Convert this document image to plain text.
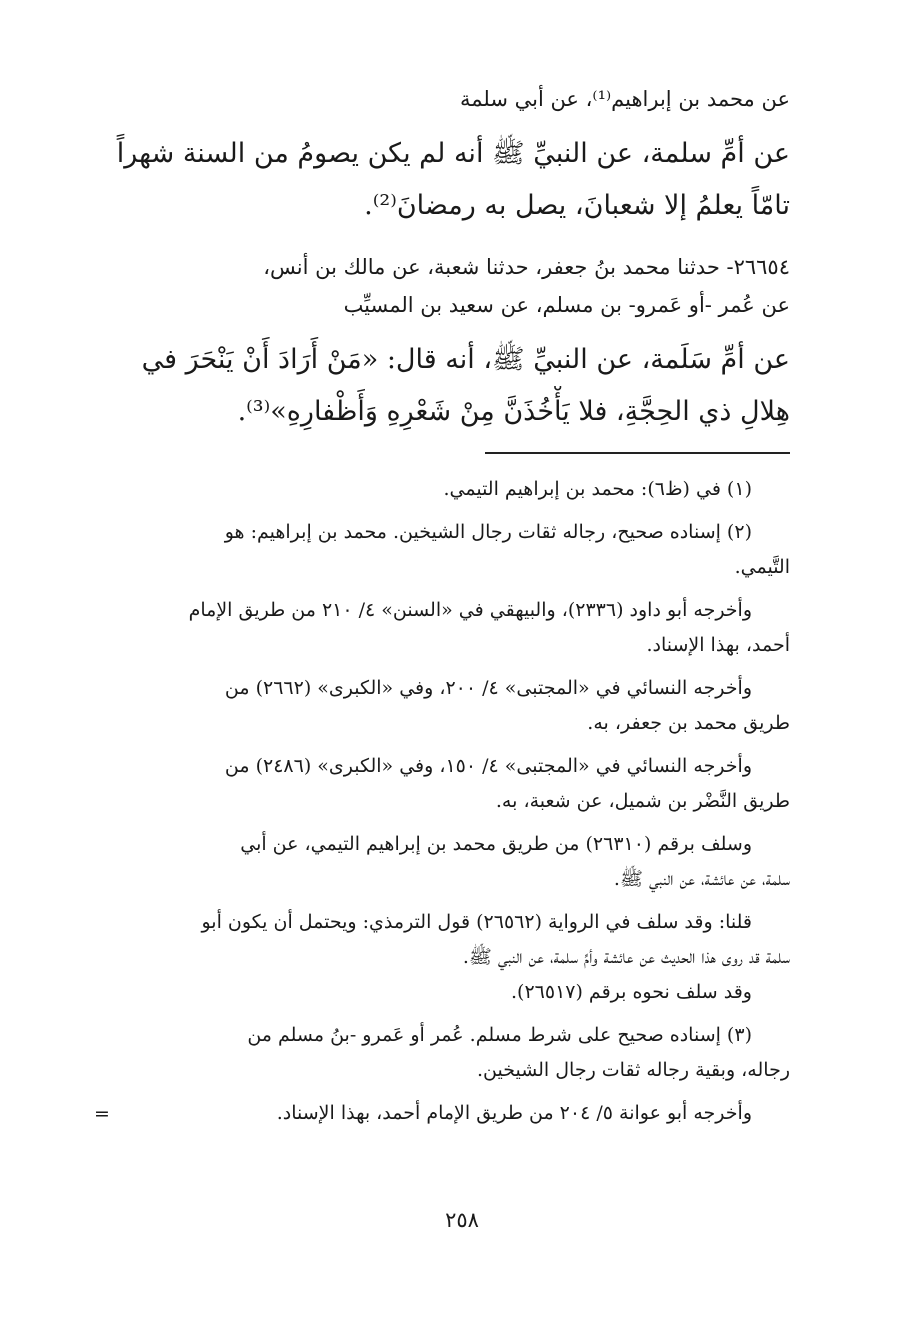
عن محمد بن إبراهيم⁽¹⁾، عن أبي سلمة
عن أمِّ سلمة، عن النبيِّ ﷺ أنه لم يكن يصومُ من السنة شهراً
تامّاً يعلمُ إلا شعبانَ، يصل به رمضانَ⁽²⁾.
٢٦٦٥٤- حدثنا محمد بنُ جعفر، حدثنا شعبة، عن مالك بن أنس،
عن عُمر -أو عَمرو- بن مسلم، عن سعيد بن المسيِّب
عن أمِّ سَلَمة، عن النبيِّ ﷺ، أنه قال: «مَنْ أَرَادَ أَنْ يَنْحَرَ في
هِلالِ ذي الحِجَّةِ، فلا يَأْخُذَنَّ مِنْ شَعْرِهِ وَأَظْفارِهِ»⁽³⁾.
(١) في (ظ٦): محمد بن إبراهيم التيمي.
(٢) إسناده صحيح، رجاله ثقات رجال الشيخين. محمد بن إبراهيم: هو
التَّيمي.
وأخرجه أبو داود (٢٣٣٦)، والبيهقي في «السنن» ٤/ ٢١٠ من طريق الإمام
أحمد، بهذا الإسناد.
وأخرجه النسائي في «المجتبى» ٤/ ٢٠٠، وفي «الكبرى» (٢٦٦٢) من
طريق محمد بن جعفر، به.
وأخرجه النسائي في «المجتبى» ٤/ ١٥٠، وفي «الكبرى» (٢٤٨٦) من
طريق النَّضْر بن شميل، عن شعبة، به.
وسلف برقم (٢٦٣١٠) من طريق محمد بن إبراهيم التيمي، عن أبي
سلمة، عن عائشة، عن النبي ﷺ.
قلنا: وقد سلف في الرواية (٢٦٥٦٢) قول الترمذي: ويحتمل أن يكون أبو
سلمة قد روى هذا الحديث عن عائشة وأمِّ سلمة، عن النبي ﷺ.
وقد سلف نحوه برقم (٢٦٥١٧).
(٣) إسناده صحيح على شرط مسلم. عُمر أو عَمرو -بنُ مسلم من
رجاله، وبقية رجاله ثقات رجال الشيخين.
وأخرجه أبو عوانة ٥/ ٢٠٤ من طريق الإمام أحمد، بهذا الإسناد.
=
٢٥٨
